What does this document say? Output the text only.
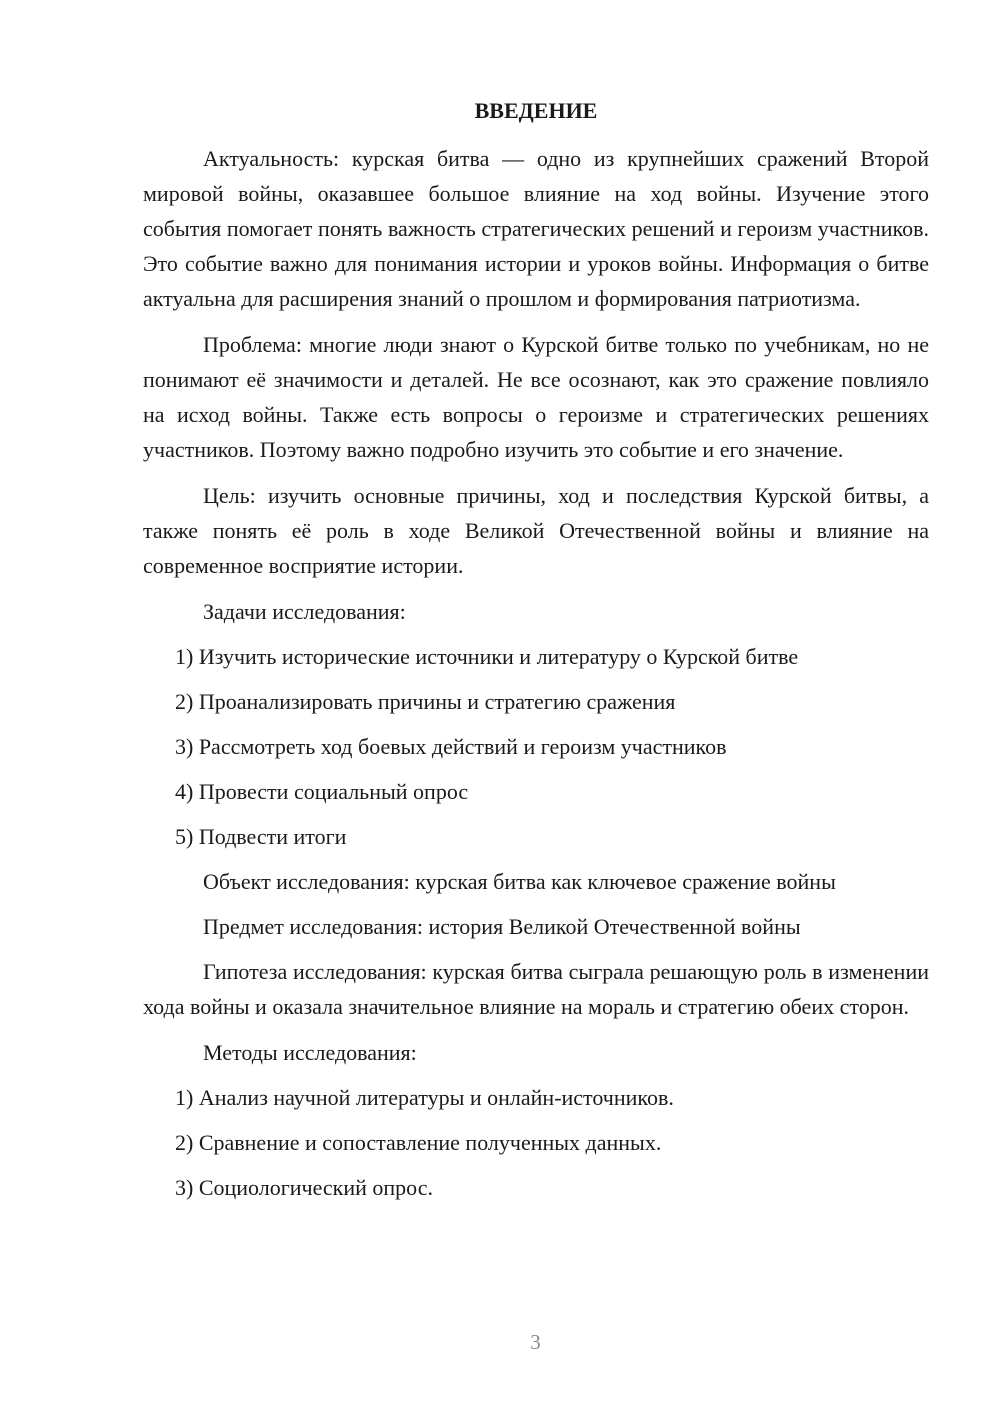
ВВЕДЕНИЕ

Актуальность: курская битва — одно из крупнейших сражений Второй мировой войны, оказавшее большое влияние на ход войны. Изучение этого события помогает понять важность стратегических решений и героизм участников. Это событие важно для понимания истории и уроков войны. Информация о битве актуальна для расширения знаний о прошлом и формирования патриотизма.

Проблема: многие люди знают о Курской битве только по учебникам, но не понимают её значимости и деталей. Не все осознают, как это сражение повлияло на исход войны. Также есть вопросы о героизме и стратегических решениях участников. Поэтому важно подробно изучить это событие и его значение.

Цель: изучить основные причины, ход и последствия Курской битвы, а также понять её роль в ходе Великой Отечественной войны и влияние на современное восприятие истории.

Задачи исследования:

1) Изучить исторические источники и литературу о Курской битве

2) Проанализировать причины и стратегию сражения

3) Рассмотреть ход боевых действий и героизм участников

4) Провести социальный опрос

5) Подвести итоги

Объект исследования: курская битва как ключевое сражение войны

Предмет исследования: история Великой Отечественной войны

Гипотеза исследования: курская битва сыграла решающую роль в изменении хода войны и оказала значительное влияние на мораль и стратегию обеих сторон.

Методы исследования:

1) Анализ научной литературы и онлайн-источников.

2) Сравнение и сопоставление полученных данных.

3) Социологический опрос.

3
